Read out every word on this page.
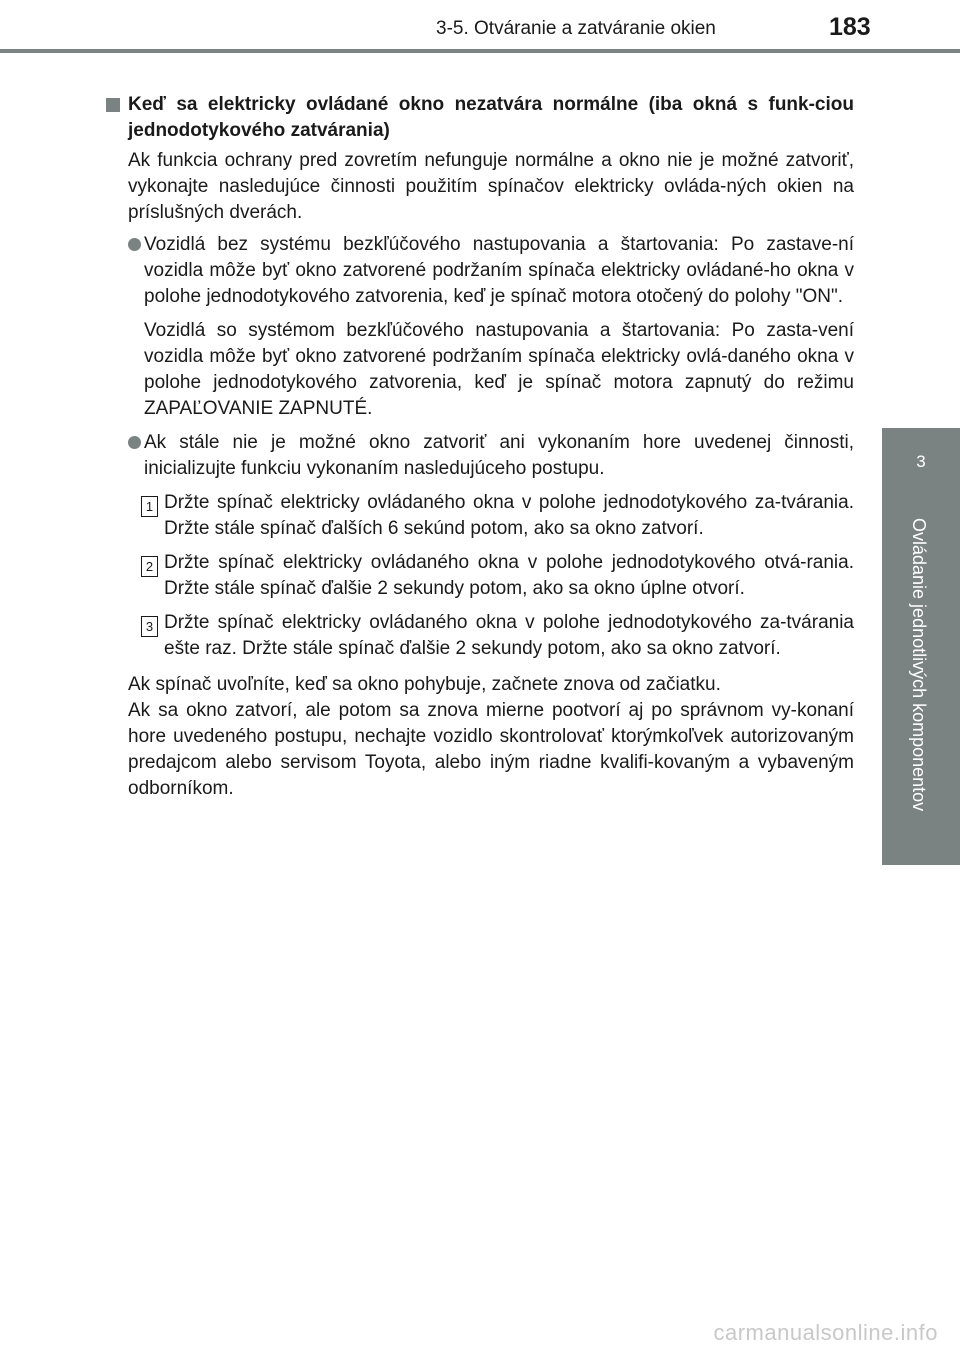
3-5. Otváranie a zatváranie okien	183
3
Ovládanie jednotlivých komponentov
Keď sa elektricky ovládané okno nezatvára normálne (iba okná s funk-ciou jednodotykového zatvárania)

Ak funkcia ochrany pred zovretím nefunguje normálne a okno nie je možné zatvoriť, vykonajte nasledujúce činnosti použitím spínačov elektricky ovláda-ných okien na príslušných dverách.

Vozidlá bez systému bezkľúčového nastupovania a štartovania: Po zastave-ní vozidla môže byť okno zatvorené podržaním spínača elektricky ovládané-ho okna v polohe jednodotykového zatvorenia, keď je spínač motora otočený do polohy "ON".

Vozidlá so systémom bezkľúčového nastupovania a štartovania: Po zasta-vení vozidla môže byť okno zatvorené podržaním spínača elektricky ovlá-daného okna v polohe jednodotykového zatvorenia, keď je spínač motora zapnutý do režimu ZAPAĽOVANIE ZAPNUTÉ.

Ak stále nie je možné okno zatvoriť ani vykonaním hore uvedenej činnosti, inicializujte funkciu vykonaním nasledujúceho postupu.

1 Držte spínač elektricky ovládaného okna v polohe jednodotykového za-tvárania. Držte stále spínač ďalších 6 sekúnd potom, ako sa okno zatvorí.
2 Držte spínač elektricky ovládaného okna v polohe jednodotykového otvá-rania. Držte stále spínač ďalšie 2 sekundy potom, ako sa okno úplne otvorí.
3 Držte spínač elektricky ovládaného okna v polohe jednodotykového za-tvárania ešte raz. Držte stále spínač ďalšie 2 sekundy potom, ako sa okno zatvorí.

Ak spínač uvoľníte, keď sa okno pohybuje, začnete znova od začiatku.

Ak sa okno zatvorí, ale potom sa znova mierne pootvorí aj po správnom vy-konaní hore uvedeného postupu, nechajte vozidlo skontrolovať ktorýmkoľvek autorizovaným predajcom alebo servisom Toyota, alebo iným riadne kvalifi-kovaným a vybaveným odborníkom.

carmanualsonline.info
